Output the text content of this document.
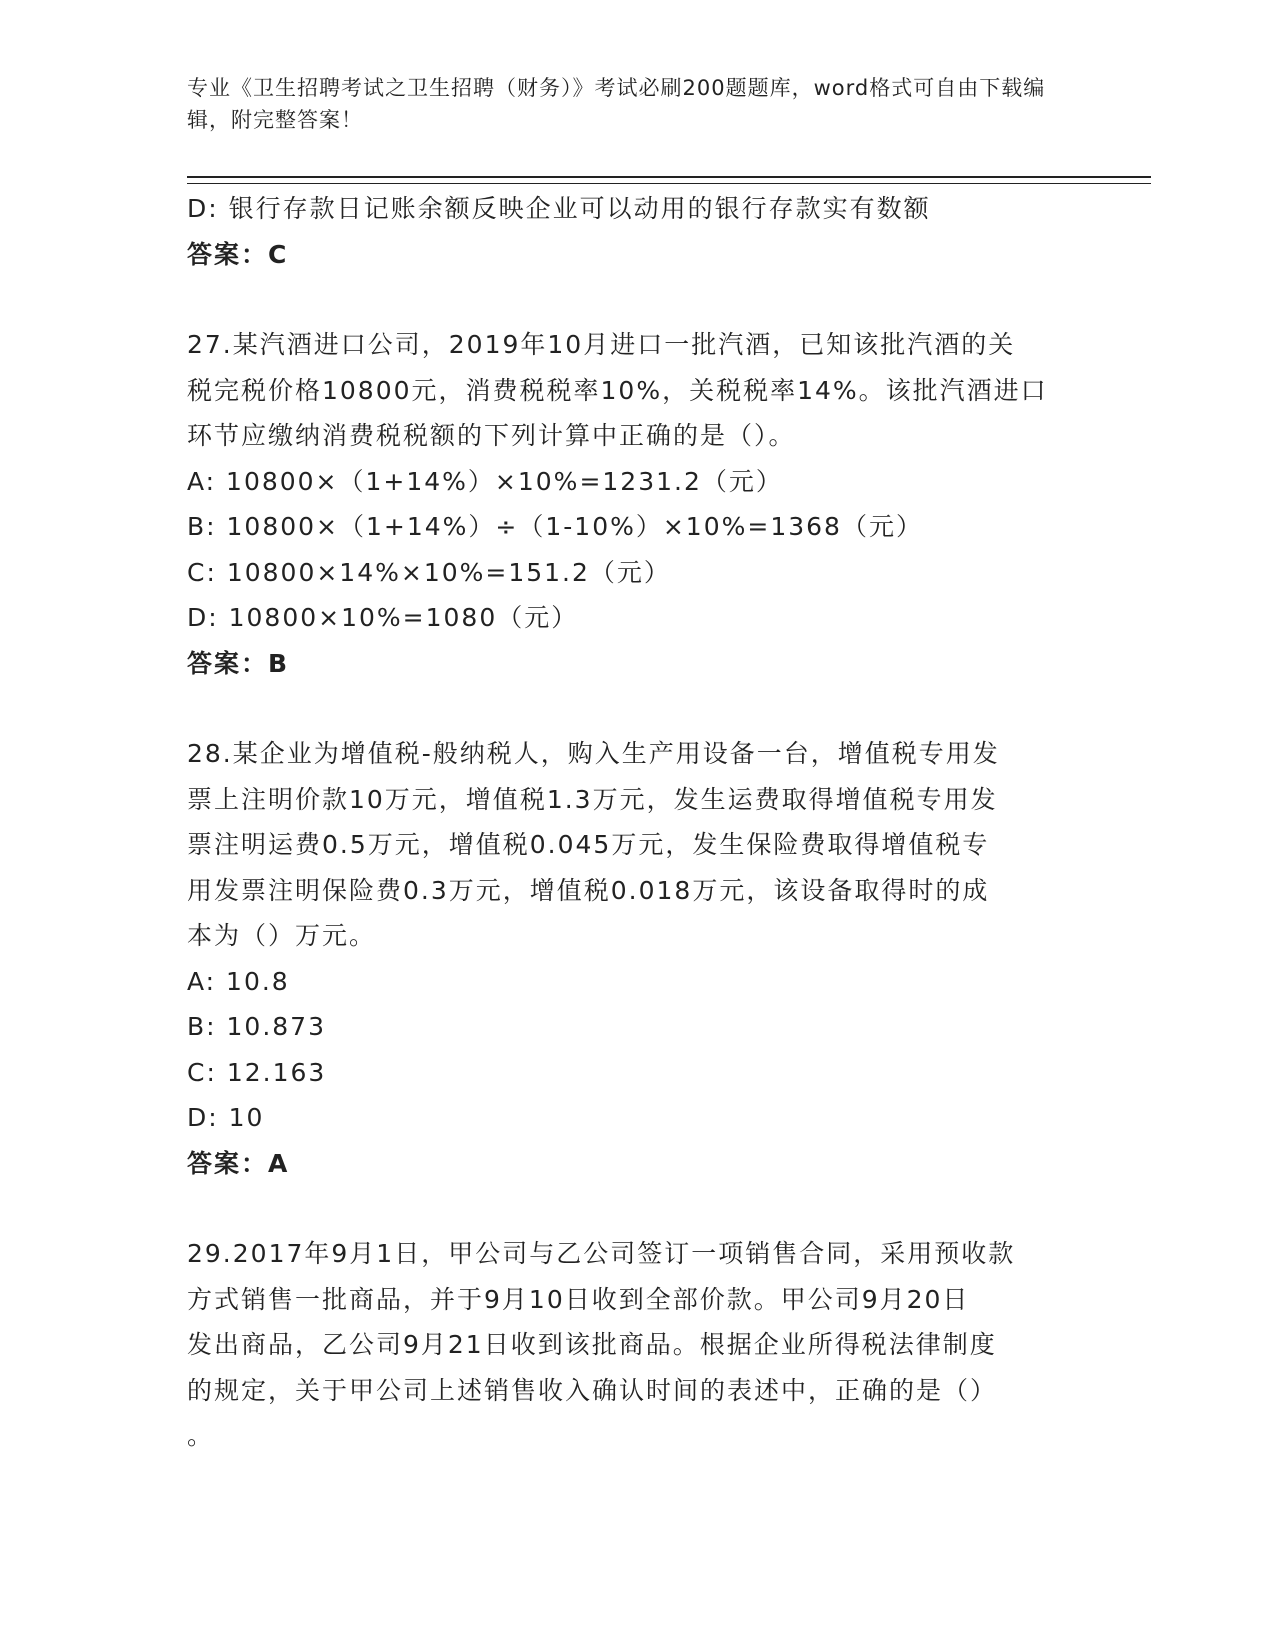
专业《卫生招聘考试之卫生招聘（财务）》考试必刷200题题库，word格式可自由下载编辑，附完整答案！

D: 银行存款日记账余额反映企业可以动用的银行存款实有数额

答案：C

27.某汽酒进口公司，2019年10月进口一批汽酒，已知该批汽酒的关

税完税价格10800元，消费税税率10%，关税税率14%。该批汽酒进口

环节应缴纳消费税税额的下列计算中正确的是（）。

A: 10800×（1+14%）×10%=1231.2（元）

B: 10800×（1+14%）÷（1-10%）×10%=1368（元）

C: 10800×14%×10%=151.2（元）

D: 10800×10%=1080（元）

答案：B

28.某企业为增值税-般纳税人，购入生产用设备一台，增值税专用发

票上注明价款10万元，增值税1.3万元，发生运费取得增值税专用发

票注明运费0.5万元，增值税0.045万元，发生保险费取得增值税专

用发票注明保险费0.3万元，增值税0.018万元，该设备取得时的成

本为（）万元。

A: 10.8

B: 10.873

C: 12.163

D: 10

答案：A

29.2017年9月1日，甲公司与乙公司签订一项销售合同，采用预收款

方式销售一批商品，并于9月10日收到全部价款。甲公司9月20日

发出商品，乙公司9月21日收到该批商品。根据企业所得税法律制度

的规定，关于甲公司上述销售收入确认时间的表述中，正确的是（）

。
